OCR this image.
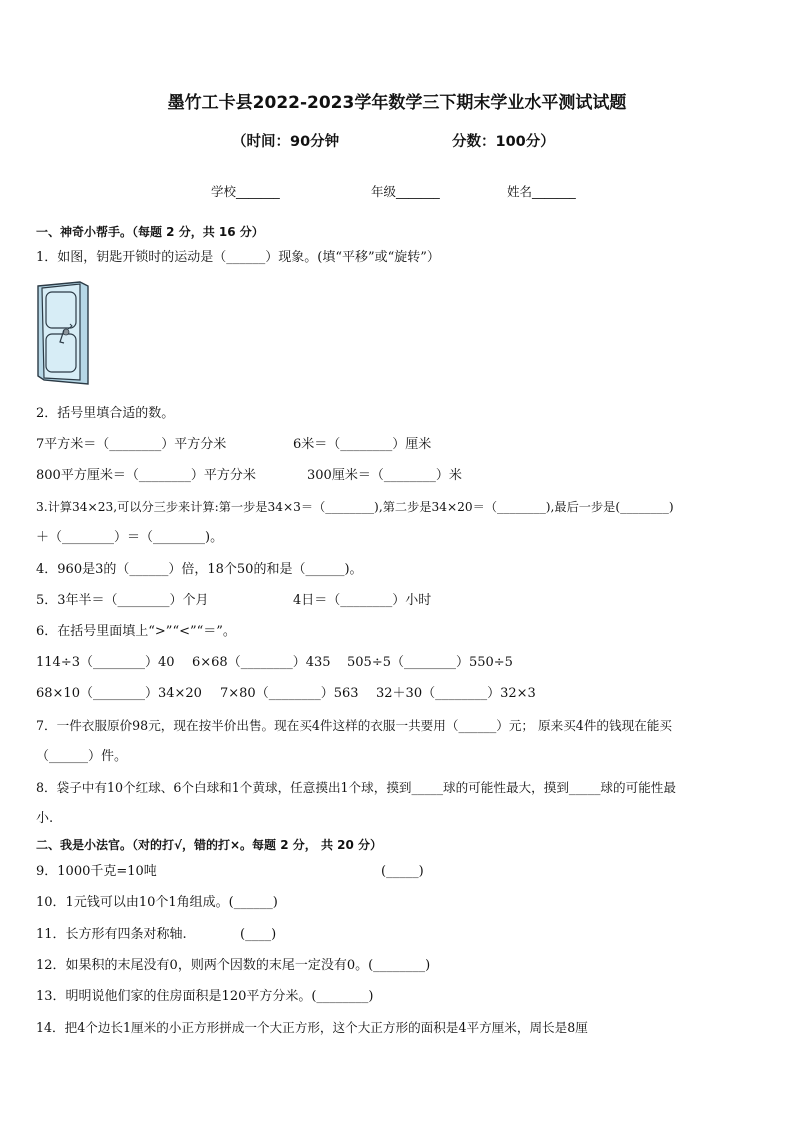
墨竹工卡县2022-2023学年数学三下期末学业水平测试试题
（时间：90分钟	分数：100分）
学校_______	年级_______	姓名_______
一、神奇小帮手。（每题 2 分，共 16 分）
1．如图，钥匙开锁时的运动是（______）现象。(填“平移”或“旋转”）
2．括号里填合适的数。
7平方米＝（________）平方分米	6米＝（________）厘米
800平方厘米＝（________）平方分米	300厘米＝（________）米
3.计算34×23,可以分三步来计算:第一步是34×3＝（________),第二步是34×20＝（________),最后一步是(________)
＋（________）＝（________)。
4．960是3的（______）倍，18个50的和是（______)。
5．3年半＝（________）个月	4日＝（________）小时
6．在括号里面填上“>”“<”“＝”。
114÷3（________）40 6×68（________）435 505÷5（________）550÷5
68×10（________）34×20 7×80（________）563 32＋30（________）32×3
7．一件衣服原价98元，现在按半价出售。现在买4件这样的衣服一共要用（______）元； 原来买4件的钱现在能买
（______）件。
8．袋子中有10个红球、6个白球和1个黄球，任意摸出1个球，摸到_____球的可能性最大，摸到_____球的可能性最
小.
二、我是小法官。（对的打√，错的打×。每题 2 分， 共 20 分）
9．1000千克=10吨	(_____)
10．1元钱可以由10个1角组成。(______)
11．长方形有四条对称轴.	(____)
12．如果积的末尾没有0，则两个因数的末尾一定没有0。(________)
13．明明说他们家的住房面积是120平方分米。(________)
14．把4个边长1厘米的小正方形拼成一个大正方形，这个大正方形的面积是4平方厘米，周长是8厘
